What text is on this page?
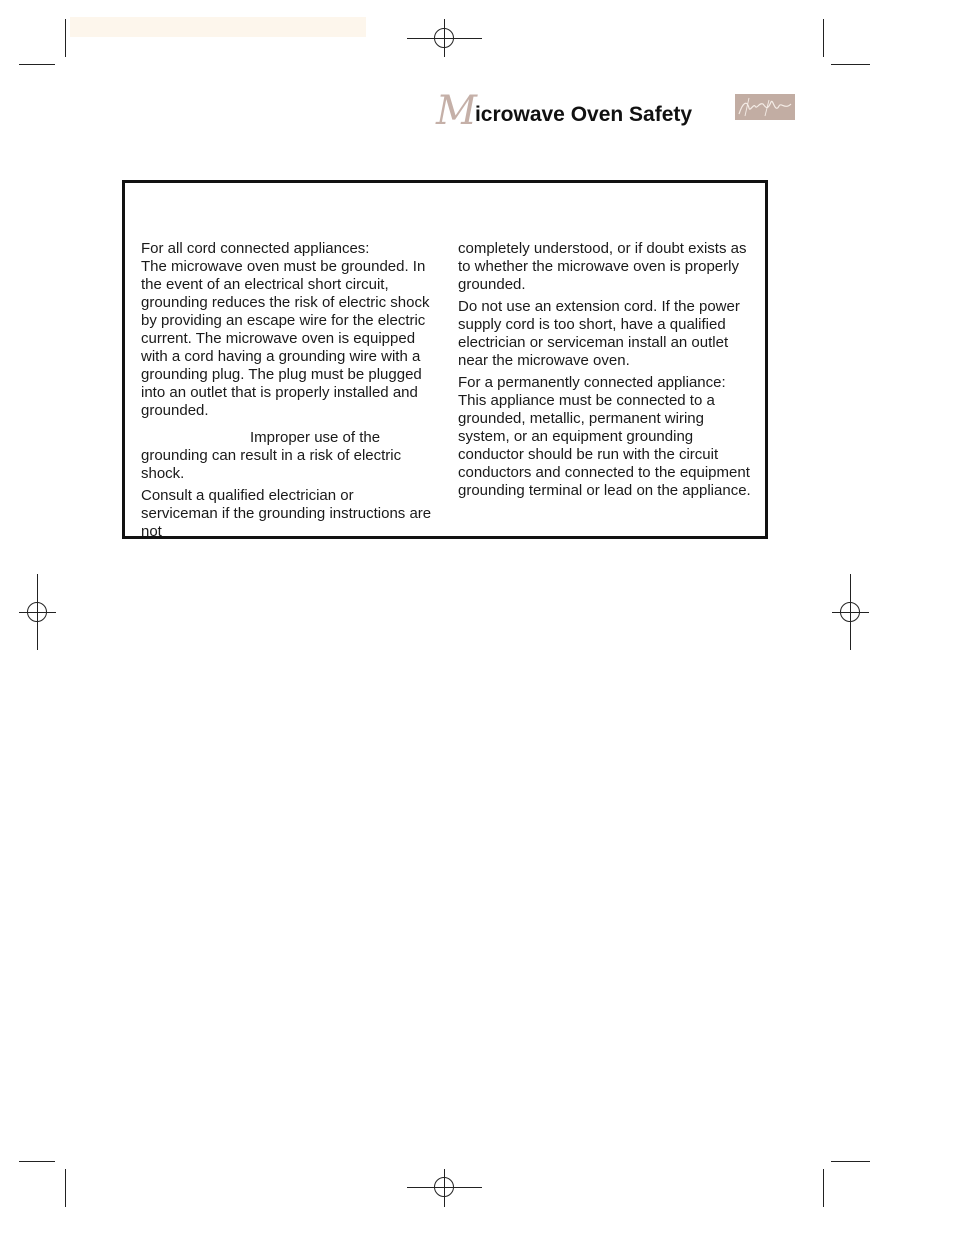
Microwave Oven Safety

For all cord connected appliances:
The microwave oven must be grounded. In the event of an electrical short circuit, grounding reduces the risk of electric shock by providing an escape wire for the electric current. The microwave oven is equipped with a cord having a grounding wire with a grounding plug. The plug must be plugged into an outlet that is properly installed and grounded.

Improper use of the grounding can result in a risk of electric shock.

Consult a qualified electrician or serviceman if the grounding instructions are not

completely understood, or if doubt exists as to whether the microwave oven is properly grounded.

Do not use an extension cord. If the power supply cord is too short, have a qualified electrician or serviceman install an outlet near the microwave oven.

For a permanently connected appliance:
This appliance must be connected to a grounded, metallic, permanent wiring system, or an equipment grounding conductor should be run with the circuit conductors and connected to the equipment grounding terminal or lead on the appliance.
